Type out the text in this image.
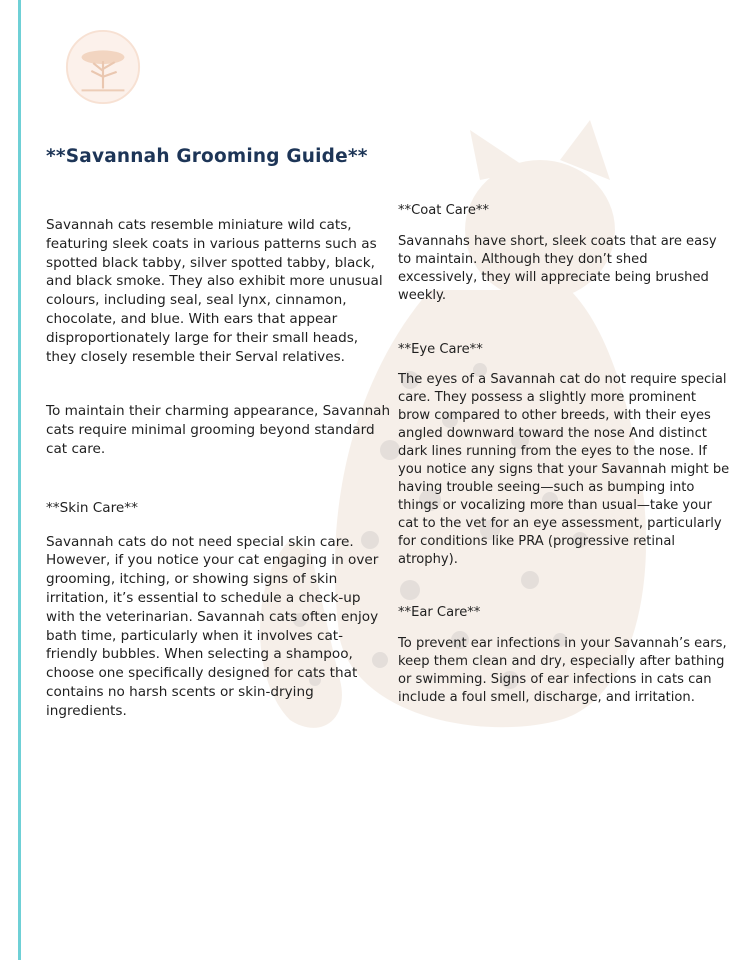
**Savannah Grooming Guide**

Savannah cats resemble miniature wild cats, featuring sleek coats in various patterns such as spotted black tabby, silver spotted tabby, black, and black smoke. They also exhibit more unusual colours, including seal, seal lynx, cinnamon, chocolate, and blue. With ears that appear disproportionately large for their small heads, they closely resemble their Serval relatives.

To maintain their charming appearance, Savannah cats require minimal grooming beyond standard cat care.

**Skin Care**

Savannah cats do not need special skin care. However, if you notice your cat engaging in over grooming, itching, or showing signs of skin irritation, it’s essential to schedule a check-up with the veterinarian. Savannah cats often enjoy bath time, particularly when it involves cat-friendly bubbles. When selecting a shampoo, choose one specifically designed for cats that contains no harsh scents or skin-drying ingredients.

**Coat Care**

Savannahs have short, sleek coats that are easy to maintain. Although they don’t shed excessively, they will appreciate being brushed weekly.

**Eye Care**

The eyes of a Savannah cat do not require special care. They possess a slightly more prominent brow compared to other breeds, with their eyes angled downward toward the nose And distinct dark lines running from the eyes to the nose. If you notice any signs that your Savannah might be having trouble seeing—such as bumping into things or vocalizing more than usual—take your cat to the vet for an eye assessment, particularly for conditions like PRA (progressive retinal atrophy).

**Ear Care**

To prevent ear infections in your Savannah’s ears, keep them clean and dry, especially after bathing or swimming. Signs of ear infections in cats can include a foul smell, discharge, and irritation.
